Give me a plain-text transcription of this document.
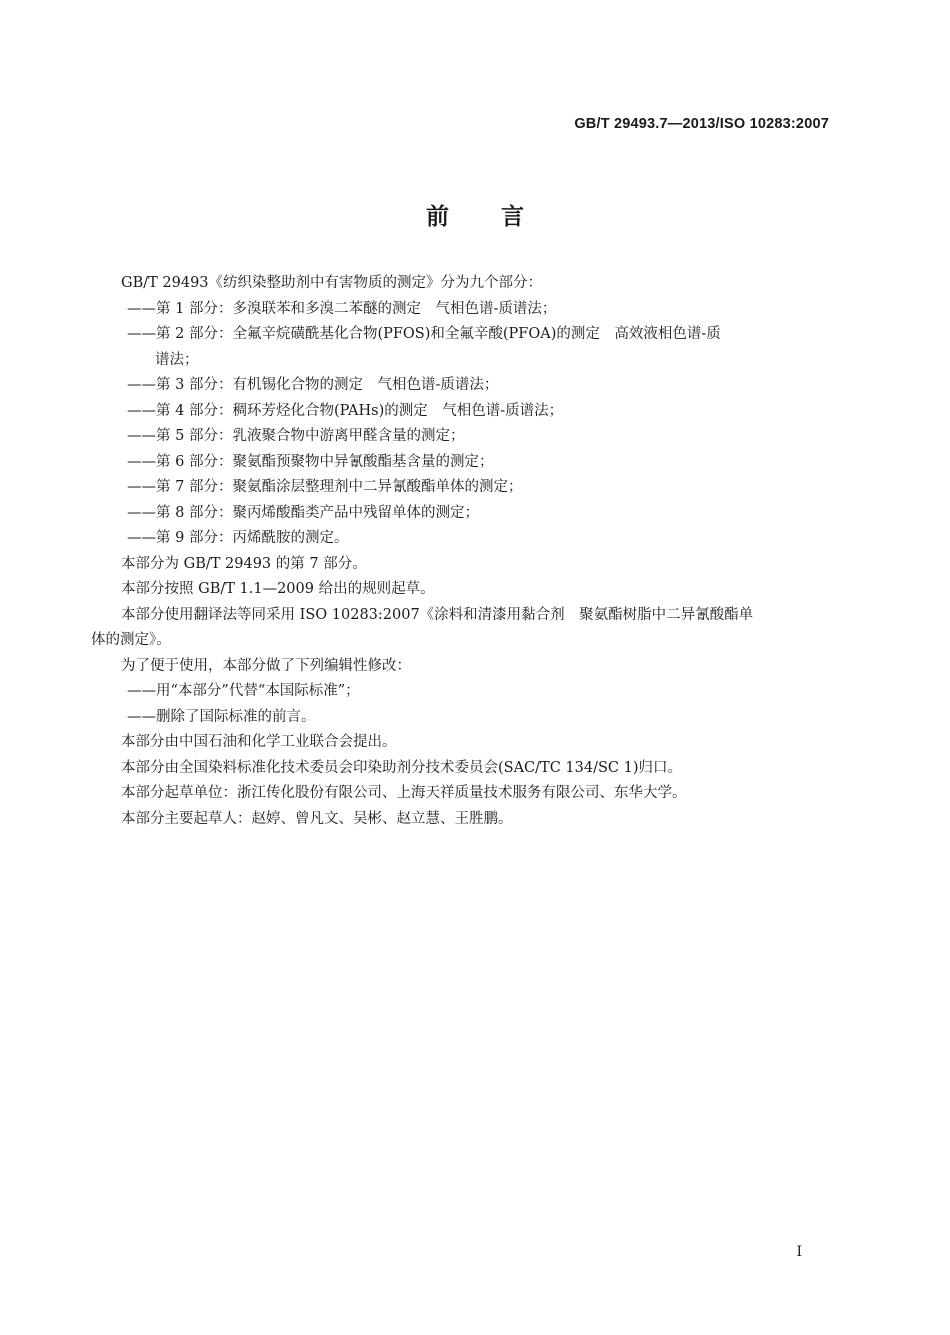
GB/T 29493.7—2013/ISO 10283:2007
前言

GB/T 29493《纺织染整助剂中有害物质的测定》分为九个部分：

——第 1 部分：多溴联苯和多溴二苯醚的测定　气相色谱-质谱法；

——第 2 部分：全氟辛烷磺酰基化合物(PFOS)和全氟辛酸(PFOA)的测定　高效液相色谱-质

谱法；

——第 3 部分：有机锡化合物的测定　气相色谱-质谱法；

——第 4 部分：稠环芳烃化合物(PAHs)的测定　气相色谱-质谱法；

——第 5 部分：乳液聚合物中游离甲醛含量的测定；

——第 6 部分：聚氨酯预聚物中异氰酸酯基含量的测定；

——第 7 部分：聚氨酯涂层整理剂中二异氰酸酯单体的测定；

——第 8 部分：聚丙烯酸酯类产品中残留单体的测定；

——第 9 部分：丙烯酰胺的测定。

本部分为 GB/T 29493 的第 7 部分。

本部分按照 GB/T 1.1—2009 给出的规则起草。

本部分使用翻译法等同采用 ISO 10283:2007《涂料和清漆用黏合剂　聚氨酯树脂中二异氰酸酯单

体的测定》。

为了便于使用，本部分做了下列编辑性修改：

——用“本部分”代替“本国际标准”；

——删除了国际标准的前言。

本部分由中国石油和化学工业联合会提出。

本部分由全国染料标准化技术委员会印染助剂分技术委员会(SAC/TC 134/SC 1)归口。

本部分起草单位：浙江传化股份有限公司、上海天祥质量技术服务有限公司、东华大学。

本部分主要起草人：赵婷、曾凡文、吴彬、赵立慧、王胜鹏。

I
